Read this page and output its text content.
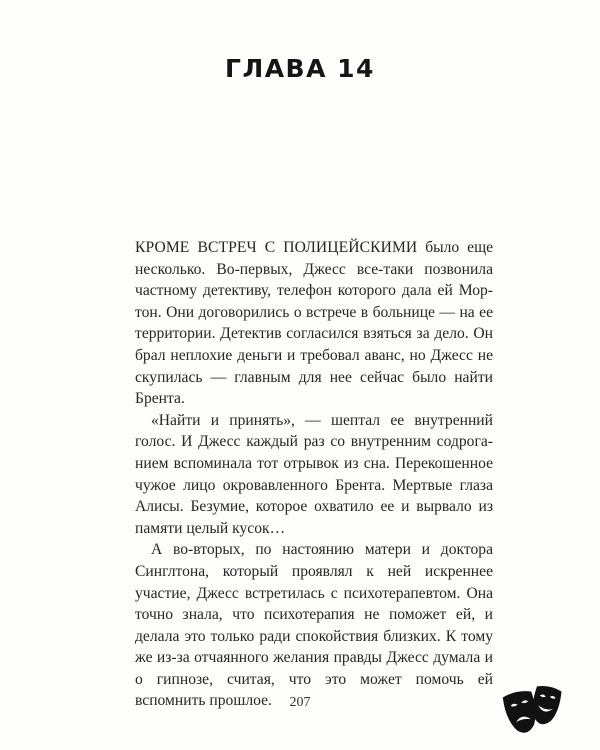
ГЛАВА 14

КРОМЕ ВСТРЕЧ С ПОЛИЦЕЙСКИМИ было еще несколько. Во-первых, Джесс все-таки позвонила частному детективу, телефон которого дала ей Мортон. Они договорились о встрече в больнице — на ее территории. Детектив согласился взяться за дело. Он брал неплохие деньги и требовал аванс, но Джесс не скупилась — главным для нее сейчас было найти Брента.

«Найти и принять», — шептал ее внутренний голос. И Джесс каждый раз со внутренним содроганием вспоминала тот отрывок из сна. Перекошенное чужое лицо окровавленного Брента. Мертвые глаза Алисы. Безумие, которое охватило ее и вырвало из памяти целый кусок…

А во-вторых, по настоянию матери и доктора Синглтона, который проявлял к ней искреннее участие, Джесс встретилась с психотерапевтом. Она точно знала, что психотерапия не поможет ей, и делала это только ради спокойствия близких. К тому же из-за отчаянного желания правды Джесс думала и о гипнозе, считая, что это может помочь ей вспомнить прошлое.	207
